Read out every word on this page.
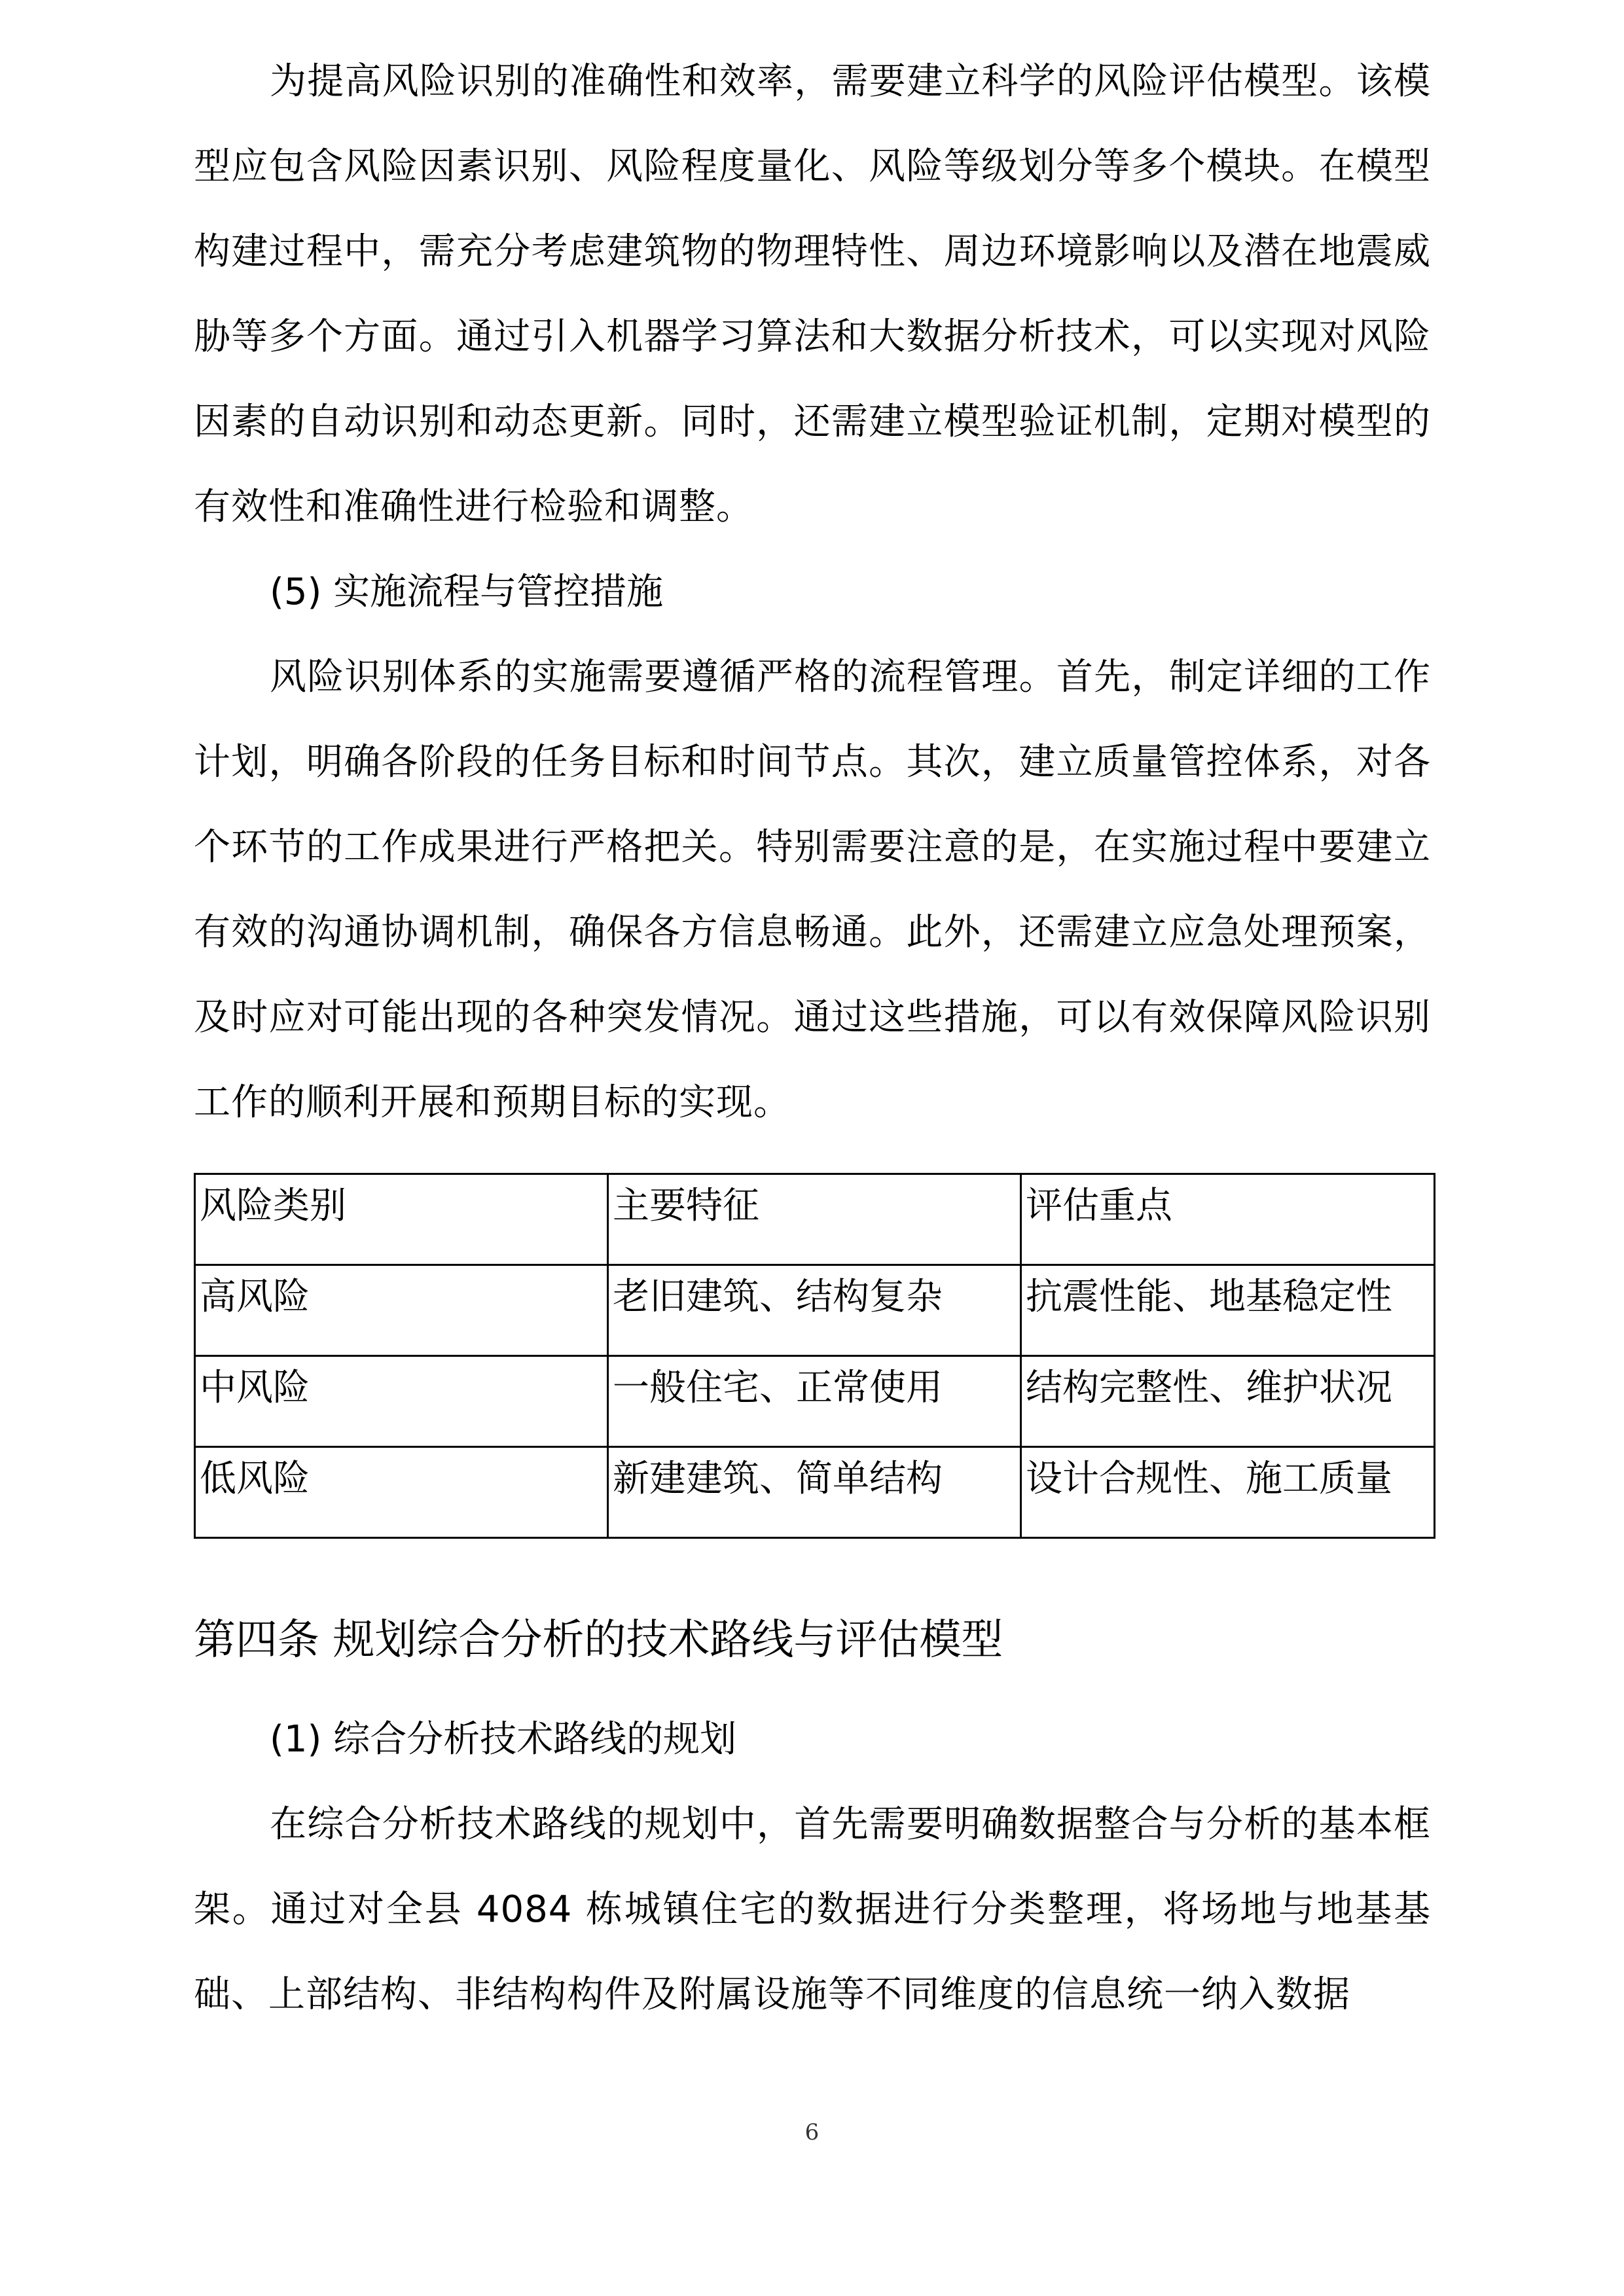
为提高风险识别的准确性和效率，需要建立科学的风险评估模型。该模型应包含风险因素识别、风险程度量化、风险等级划分等多个模块。在模型构建过程中，需充分考虑建筑物的物理特性、周边环境影响以及潜在地震威胁等多个方面。通过引入机器学习算法和大数据分析技术，可以实现对风险因素的自动识别和动态更新。同时，还需建立模型验证机制，定期对模型的有效性和准确性进行检验和调整。

(5) 实施流程与管控措施

风险识别体系的实施需要遵循严格的流程管理。首先，制定详细的工作计划，明确各阶段的任务目标和时间节点。其次，建立质量管控体系，对各个环节的工作成果进行严格把关。特别需要注意的是，在实施过程中要建立有效的沟通协调机制，确保各方信息畅通。此外，还需建立应急处理预案，及时应对可能出现的各种突发情况。通过这些措施，可以有效保障风险识别工作的顺利开展和预期目标的实现。

风险类别	主要特征	评估重点
高风险	老旧建筑、结构复杂	抗震性能、地基稳定性
中风险	一般住宅、正常使用	结构完整性、维护状况
低风险	新建建筑、简单结构	设计合规性、施工质量
第四条 规划综合分析的技术路线与评估模型

(1) 综合分析技术路线的规划

在综合分析技术路线的规划中，首先需要明确数据整合与分析的基本框架。通过对全县 4084 栋城镇住宅的数据进行分类整理，将场地与地基基础、上部结构、非结构构件及附属设施等不同维度的信息统一纳入数据

6
